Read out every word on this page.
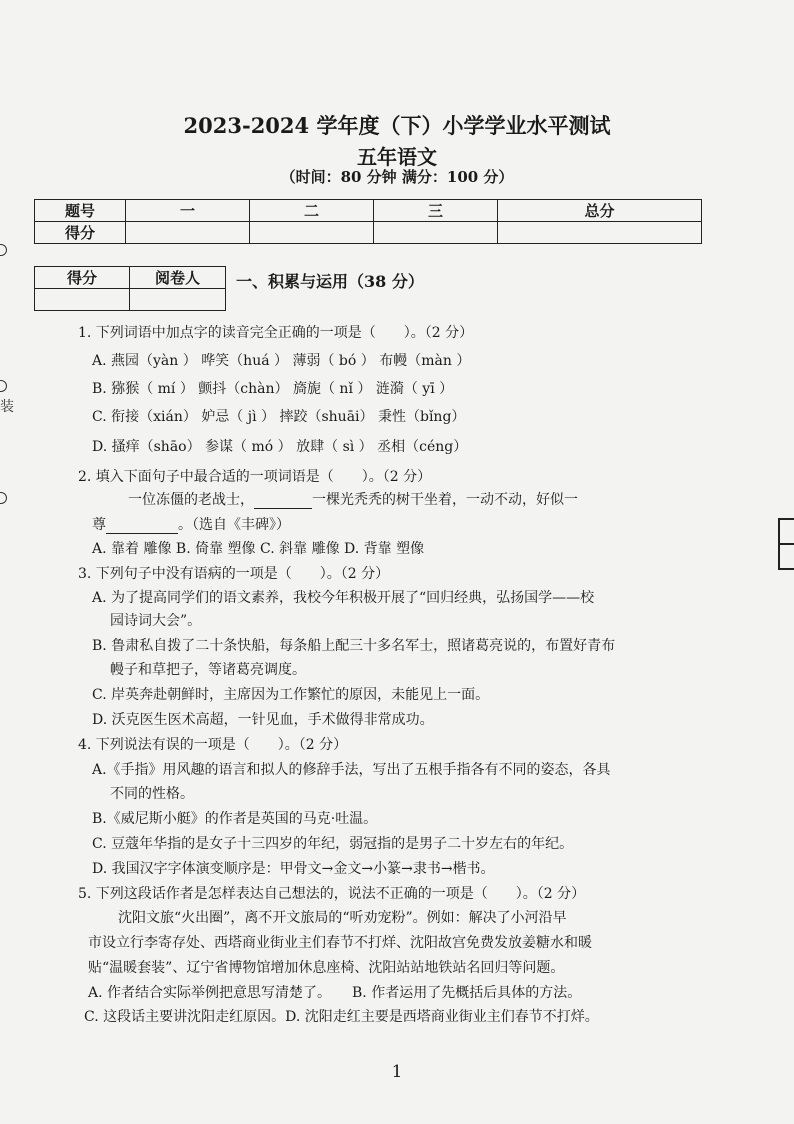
装
2023-2024 学年度（下）小学学业水平测试
五年语文
（时间：80 分钟 满分：100 分）
题号	一	二	三	总分
得分				
得分	阅卷人
	一、积累与运用（38 分）
1. 下列词语中加点字的读音完全正确的一项是（　　）。（2 分）
A. 燕园（yàn ） 哗笑（huá ） 薄弱（ bó ） 布幔（màn ）
B. 猕猴（ mí ） 颤抖（chàn） 旖旎（ nǐ ） 涟漪（ yī ）
C. 衔接（xián） 妒忌（ jì ） 摔跤（shuāi） 秉性（bǐng）
D. 搔痒（shāo） 参谋（ mó ） 放肆（ sì ） 丞相（céng）
2. 填入下面句子中最合适的一项词语是（　　）。（2 分）
一位冻僵的老战士，	一棵光秃秃的树干坐着，一动不动，好似一
尊	。（选自《丰碑》）
A. 靠着 雕像 B. 倚靠 塑像 C. 斜靠 雕像 D. 背靠 塑像
3. 下列句子中没有语病的一项是（　　）。（2 分）
A. 为了提高同学们的语文素养，我校今年积极开展了“回归经典，弘扬国学——校
园诗词大会”。
B. 鲁肃私自拨了二十条快船，每条船上配三十多名军士，照诸葛亮说的，布置好青布
幔子和草把子，等诸葛亮调度。
C. 岸英奔赴朝鲜时，主席因为工作繁忙的原因，未能见上一面。
D. 沃克医生医术高超，一针见血，手术做得非常成功。
4. 下列说法有误的一项是（　　）。（2 分）
A.《手指》用风趣的语言和拟人的修辞手法，写出了五根手指各有不同的姿态，各具
不同的性格。
B.《威尼斯小艇》的作者是英国的马克·吐温。
C. 豆蔻年华指的是女子十三四岁的年纪，弱冠指的是男子二十岁左右的年纪。
D. 我国汉字字体演变顺序是：甲骨文→金文→小篆→隶书→楷书。
5. 下列这段话作者是怎样表达自己想法的，说法不正确的一项是（　　）。（2 分）
沈阳文旅“火出圈”，离不开文旅局的“听劝宠粉”。例如：解决了小河沿早
市设立行李寄存处、西塔商业街业主们春节不打烊、沈阳故宫免费发放姜糖水和暖
贴“温暖套装”、辽宁省博物馆增加休息座椅、沈阳站站地铁站名回归等问题。
A. 作者结合实际举例把意思写清楚了。　　B. 作者运用了先概括后具体的方法。
C. 这段话主要讲沈阳走红原因。D. 沈阳走红主要是西塔商业街业主们春节不打烊。
1
